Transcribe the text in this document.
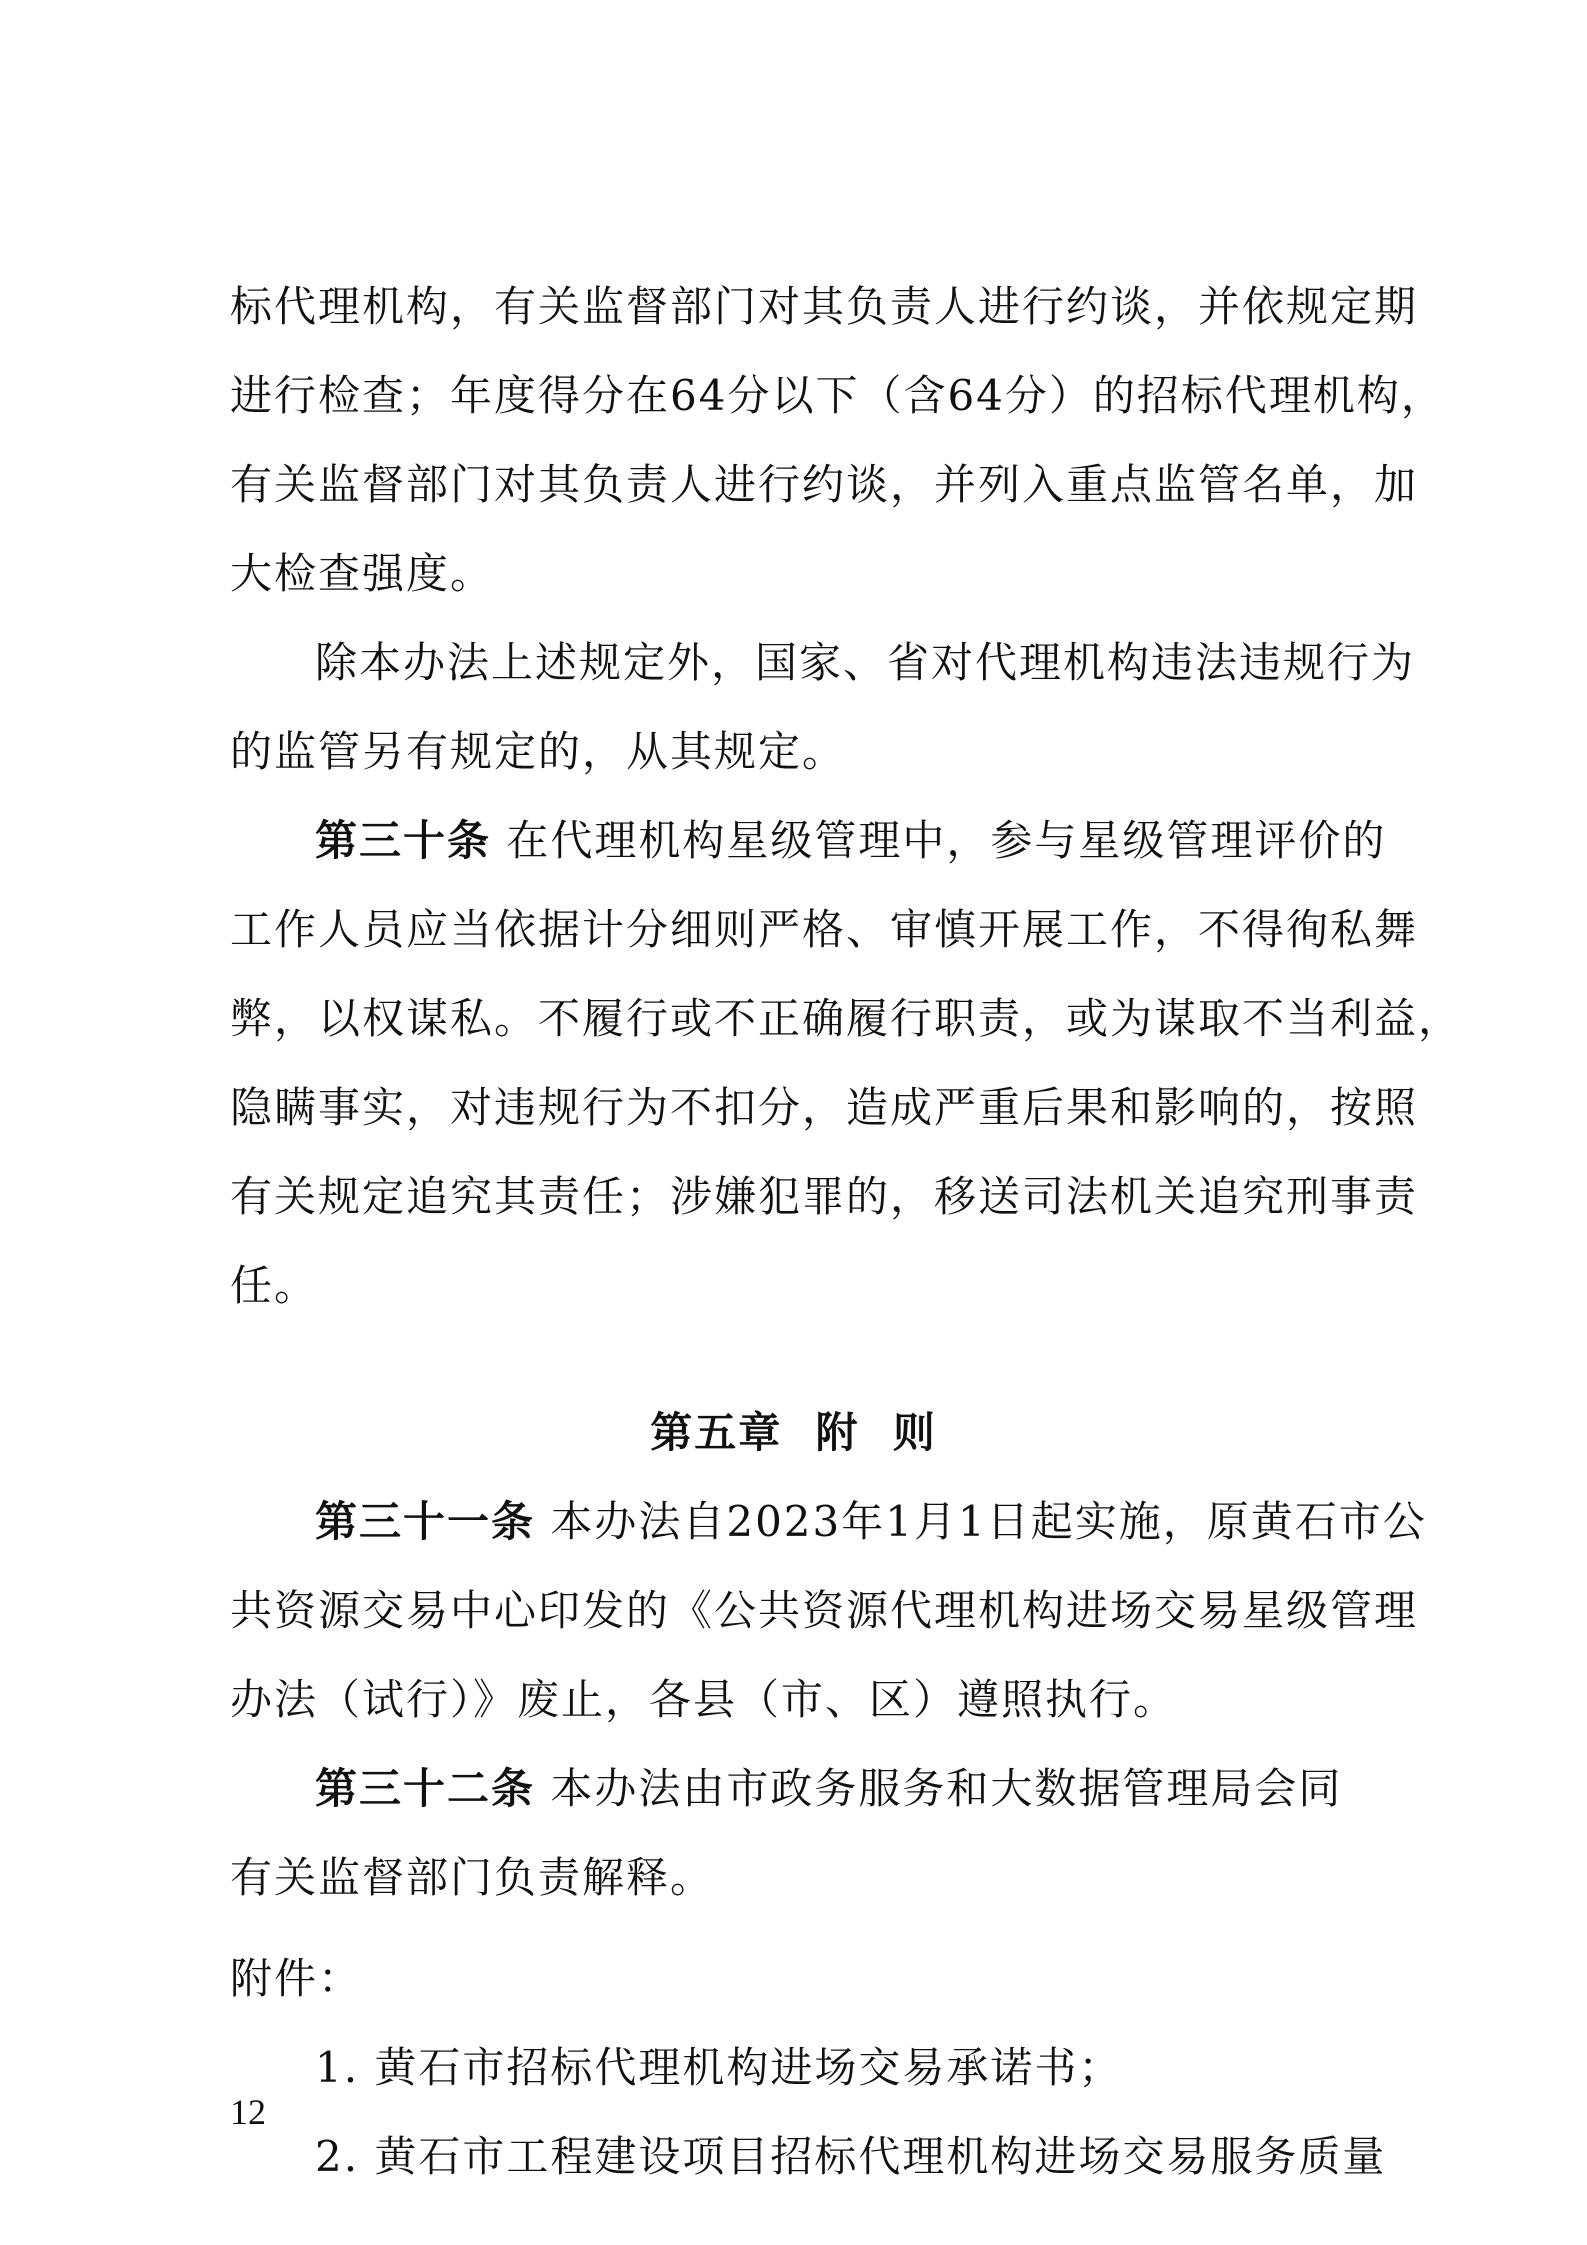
标代理机构，有关监督部门对其负责人进行约谈，并依规定期
进行检查；年度得分在64分以下（含64分）的招标代理机构，
有关监督部门对其负责人进行约谈，并列入重点监管名单，加
大检查强度。
除本办法上述规定外，国家、省对代理机构违法违规行为
的监管另有规定的，从其规定。
第三十条 在代理机构星级管理中，参与星级管理评价的
工作人员应当依据计分细则严格、审慎开展工作，不得徇私舞
弊，以权谋私。不履行或不正确履行职责，或为谋取不当利益，
隐瞒事实，对违规行为不扣分，造成严重后果和影响的，按照
有关规定追究其责任；涉嫌犯罪的，移送司法机关追究刑事责
任。
第五章  附  则
第三十一条 本办法自2023年1月1日起实施，原黄石市公
共资源交易中心印发的《公共资源代理机构进场交易星级管理
办法（试行）》废止，各县（市、区）遵照执行。
第三十二条 本办法由市政务服务和大数据管理局会同
有关监督部门负责解释。
附件：
1. 黄石市招标代理机构进场交易承诺书；
2. 黄石市工程建设项目招标代理机构进场交易服务质量
12
